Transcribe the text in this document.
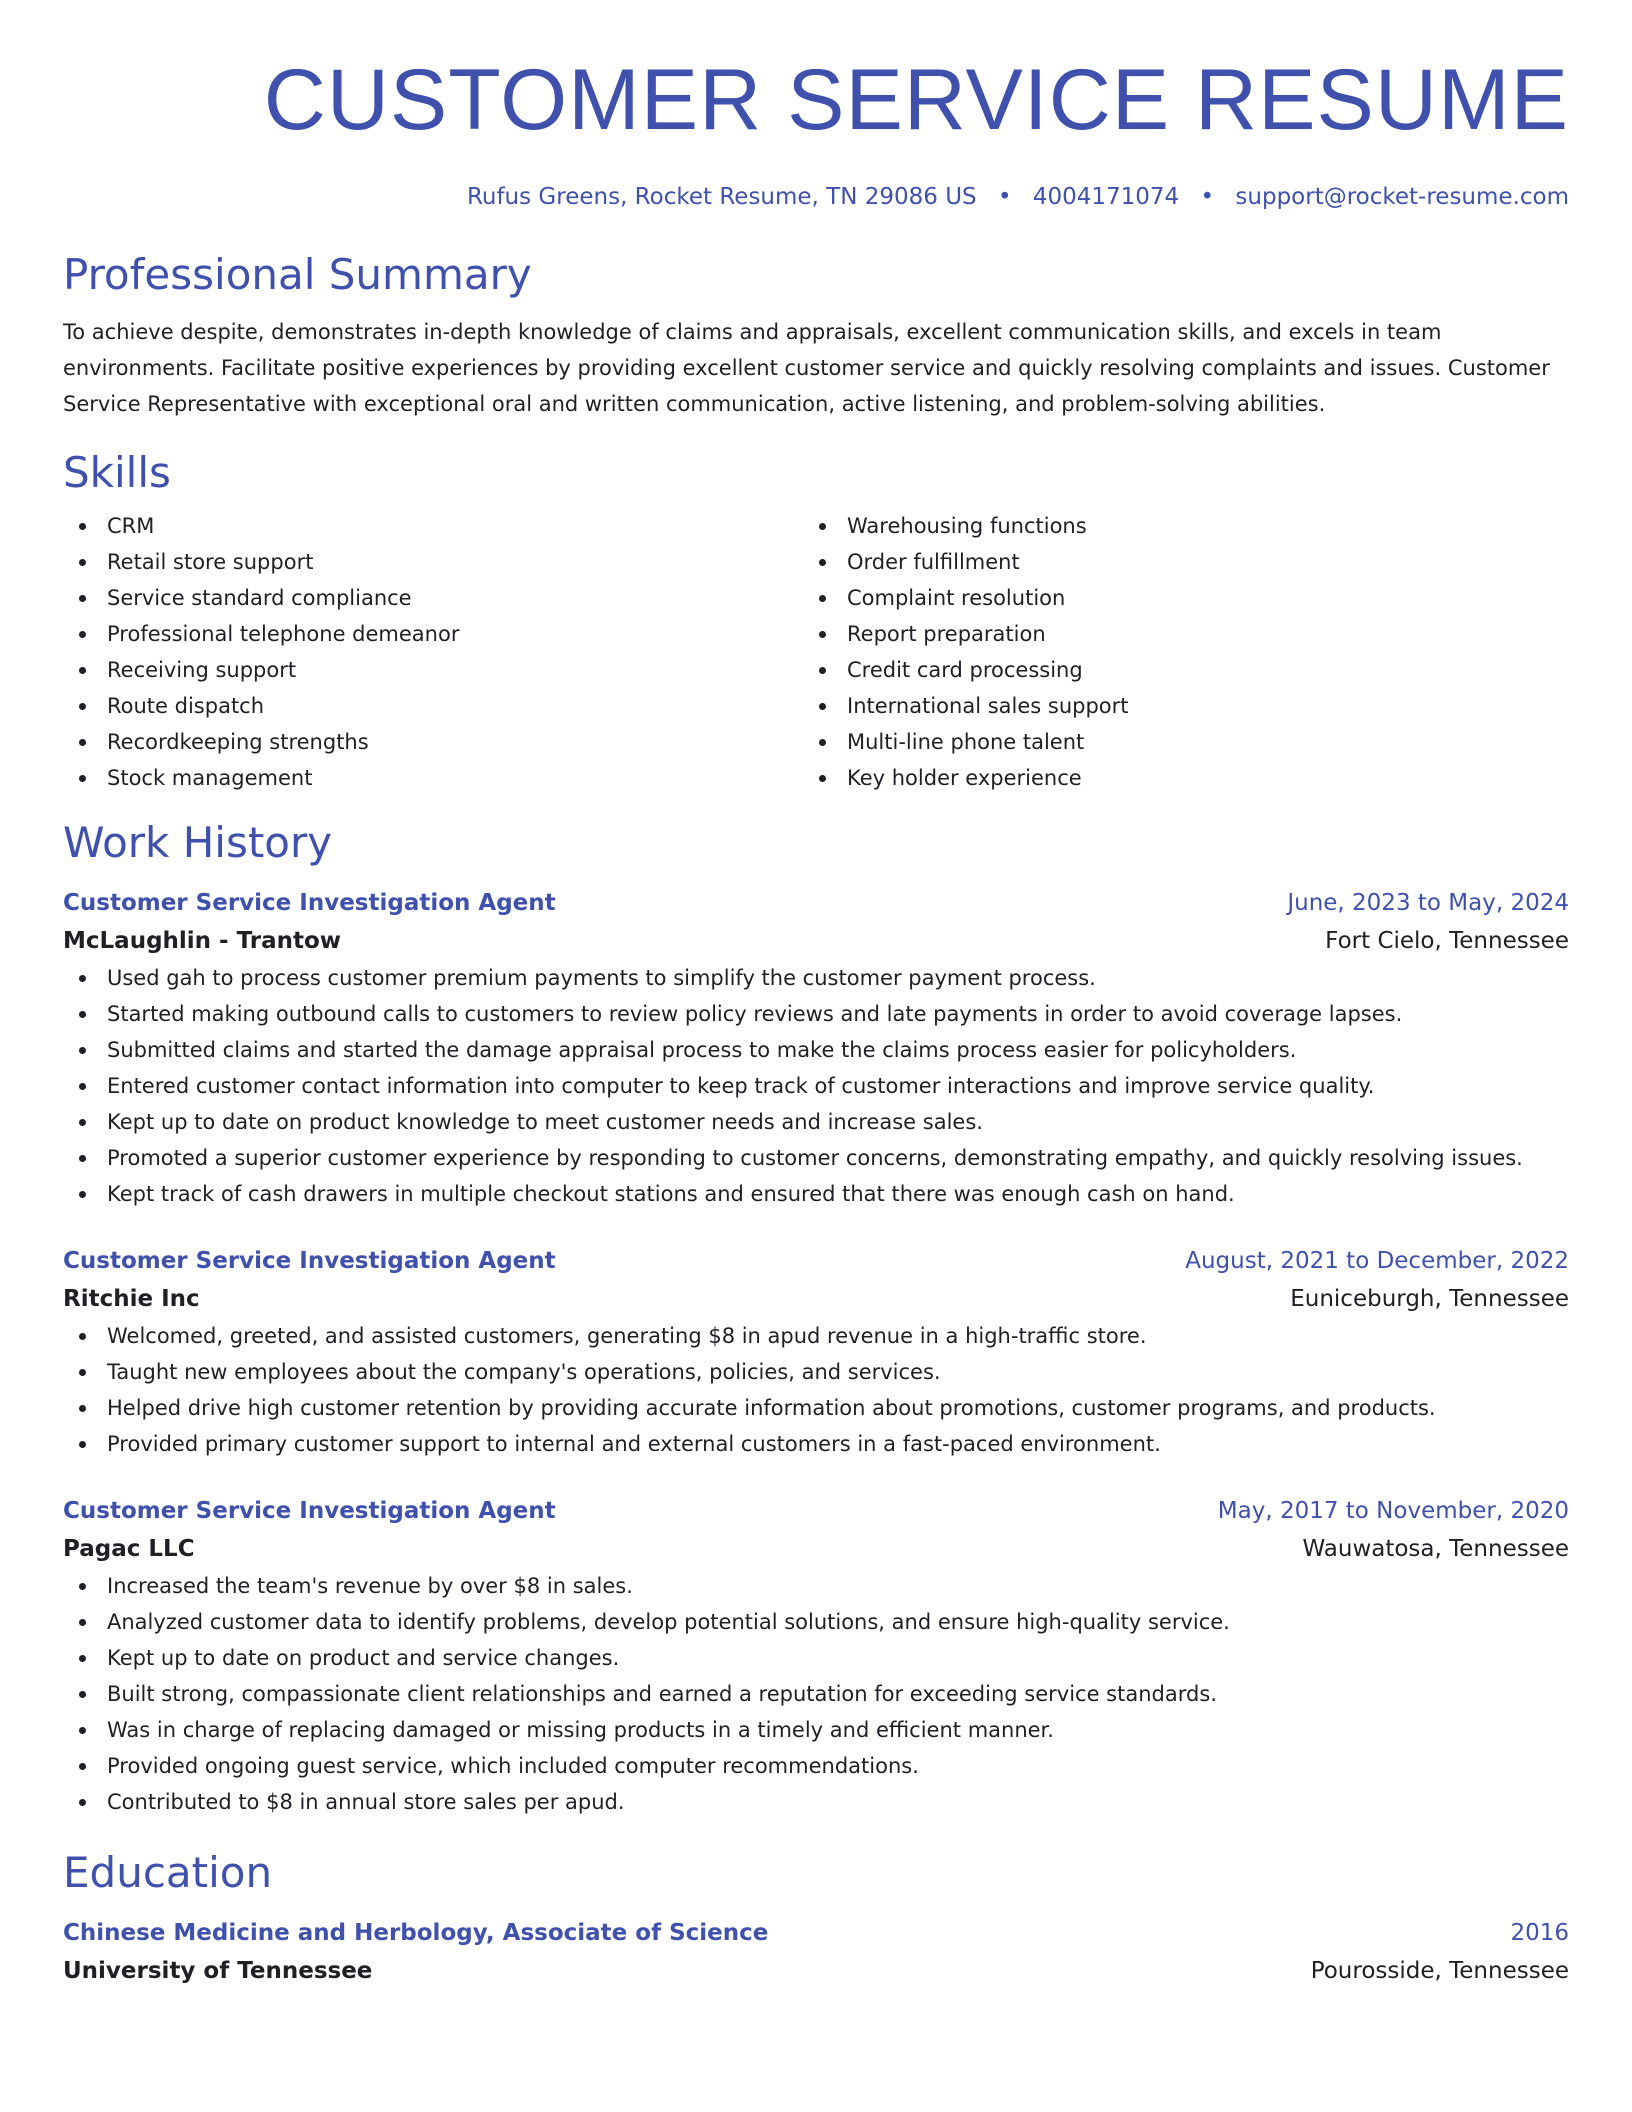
CUSTOMER SERVICE RESUME
Rufus Greens, Rocket Resume, TN 29086 US • 4004171074 • support@rocket-resume.com
Professional Summary

To achieve despite, demonstrates in-depth knowledge of claims and appraisals, excellent communication skills, and excels in team environments. Facilitate positive experiences by providing excellent customer service and quickly resolving complaints and issues. Customer Service Representative with exceptional oral and written communication, active listening, and problem-solving abilities.

Skills
CRM
Retail store support
Service standard compliance
Professional telephone demeanor
Receiving support
Route dispatch
Recordkeeping strengths
Stock management
Warehousing functions
Order fulfillment
Complaint resolution
Report preparation
Credit card processing
International sales support
Multi-line phone talent
Key holder experience
Work History
Customer Service Investigation Agent	June, 2023 to May, 2024
McLaughlin - Trantow	Fort Cielo, Tennessee
Used gah to process customer premium payments to simplify the customer payment process.
Started making outbound calls to customers to review policy reviews and late payments in order to avoid coverage lapses.
Submitted claims and started the damage appraisal process to make the claims process easier for policyholders.
Entered customer contact information into computer to keep track of customer interactions and improve service quality.
Kept up to date on product knowledge to meet customer needs and increase sales.
Promoted a superior customer experience by responding to customer concerns, demonstrating empathy, and quickly resolving issues.
Kept track of cash drawers in multiple checkout stations and ensured that there was enough cash on hand.
Customer Service Investigation Agent	August, 2021 to December, 2022
Ritchie Inc	Euniceburgh, Tennessee
Welcomed, greeted, and assisted customers, generating $8 in apud revenue in a high-traffic store.
Taught new employees about the company's operations, policies, and services.
Helped drive high customer retention by providing accurate information about promotions, customer programs, and products.
Provided primary customer support to internal and external customers in a fast-paced environment.
Customer Service Investigation Agent	May, 2017 to November, 2020
Pagac LLC	Wauwatosa, Tennessee
Increased the team's revenue by over $8 in sales.
Analyzed customer data to identify problems, develop potential solutions, and ensure high-quality service.
Kept up to date on product and service changes.
Built strong, compassionate client relationships and earned a reputation for exceeding service standards.
Was in charge of replacing damaged or missing products in a timely and efficient manner.
Provided ongoing guest service, which included computer recommendations.
Contributed to $8 in annual store sales per apud.
Education
Chinese Medicine and Herbology, Associate of Science	2016
University of Tennessee	Pourosside, Tennessee
